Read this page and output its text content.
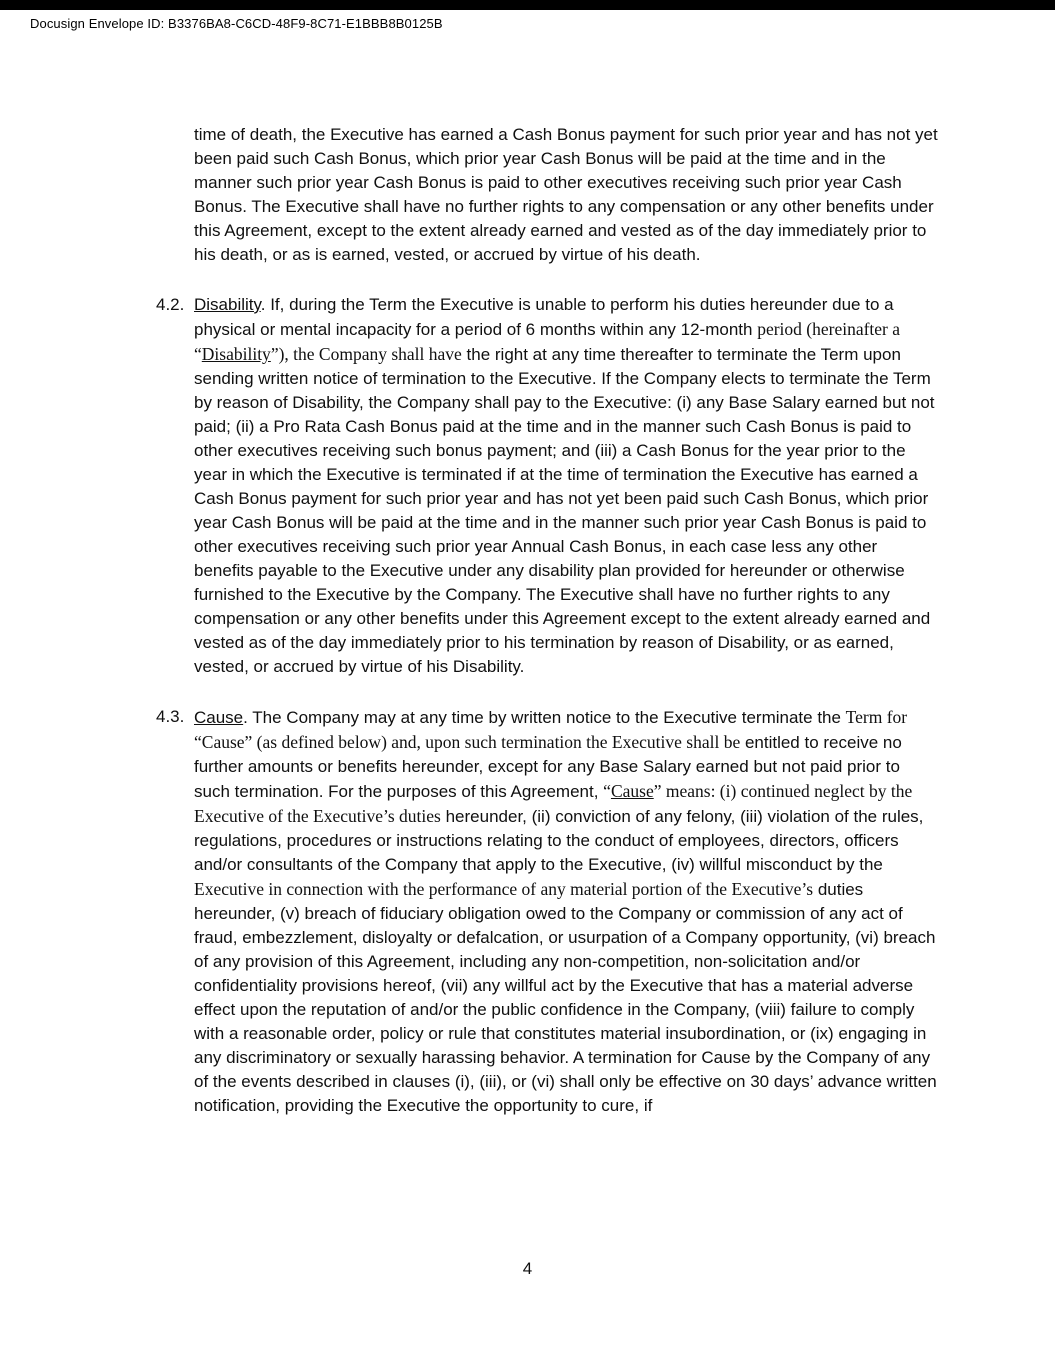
Docusign Envelope ID: B3376BA8-C6CD-48F9-8C71-E1BBB8B0125B
time of death, the Executive has earned a Cash Bonus payment for such prior year and has not yet been paid such Cash Bonus, which prior year Cash Bonus will be paid at the time and in the manner such prior year Cash Bonus is paid to other executives receiving such prior year Cash Bonus. The Executive shall have no further rights to any compensation or any other benefits under this Agreement, except to the extent already earned and vested as of the day immediately prior to his death, or as is earned, vested, or accrued by virtue of his death.
4.2. Disability. If, during the Term the Executive is unable to perform his duties hereunder due to a physical or mental incapacity for a period of 6 months within any 12-month period (hereinafter a “Disability”), the Company shall have the right at any time thereafter to terminate the Term upon sending written notice of termination to the Executive. If the Company elects to terminate the Term by reason of Disability, the Company shall pay to the Executive: (i) any Base Salary earned but not paid; (ii) a Pro Rata Cash Bonus paid at the time and in the manner such Cash Bonus is paid to other executives receiving such bonus payment; and (iii) a Cash Bonus for the year prior to the year in which the Executive is terminated if at the time of termination the Executive has earned a Cash Bonus payment for such prior year and has not yet been paid such Cash Bonus, which prior year Cash Bonus will be paid at the time and in the manner such prior year Cash Bonus is paid to other executives receiving such prior year Annual Cash Bonus, in each case less any other benefits payable to the Executive under any disability plan provided for hereunder or otherwise furnished to the Executive by the Company. The Executive shall have no further rights to any compensation or any other benefits under this Agreement except to the extent already earned and vested as of the day immediately prior to his termination by reason of Disability, or as earned, vested, or accrued by virtue of his Disability.
4.3. Cause. The Company may at any time by written notice to the Executive terminate the Term for “Cause” (as defined below) and, upon such termination the Executive shall be entitled to receive no further amounts or benefits hereunder, except for any Base Salary earned but not paid prior to such termination. For the purposes of this Agreement, “Cause” means: (i) continued neglect by the Executive of the Executive’s duties hereunder, (ii) conviction of any felony, (iii) violation of the rules, regulations, procedures or instructions relating to the conduct of employees, directors, officers and/or consultants of the Company that apply to the Executive, (iv) willful misconduct by the Executive in connection with the performance of any material portion of the Executive’s duties hereunder, (v) breach of fiduciary obligation owed to the Company or commission of any act of fraud, embezzlement, disloyalty or defalcation, or usurpation of a Company opportunity, (vi) breach of any provision of this Agreement, including any non-competition, non-solicitation and/or confidentiality provisions hereof, (vii) any willful act by the Executive that has a material adverse effect upon the reputation of and/or the public confidence in the Company, (viii) failure to comply with a reasonable order, policy or rule that constitutes material insubordination, or (ix) engaging in any discriminatory or sexually harassing behavior. A termination for Cause by the Company of any of the events described in clauses (i), (iii), or (vi) shall only be effective on 30 days’ advance written notification, providing the Executive the opportunity to cure, if
4
